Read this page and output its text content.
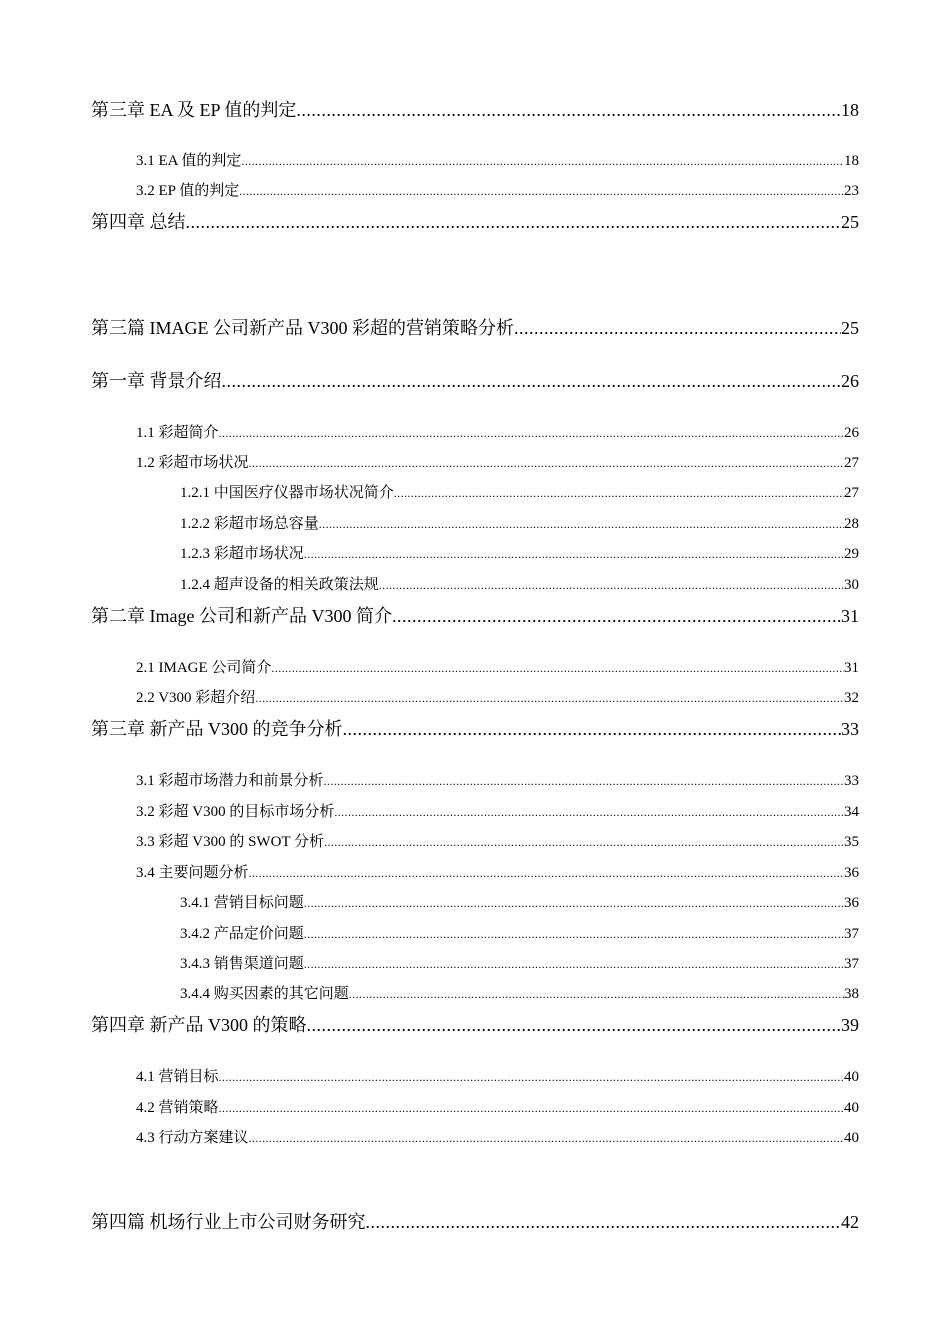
第三章 EA 及 EP 值的判定 .....	18
3.1 EA 值的判定 .....	18
3.2 EP 值的判定 .....	23
第四章 总结 .....	25
第三篇 IMAGE 公司新产品 V300 彩超的营销策略分析 .....	25
第一章 背景介绍 .....	26
1.1 彩超简介 .....	26
1.2 彩超市场状况 .....	27
1.2.1 中国医疗仪器市场状况简介 .....	27
1.2.2 彩超市场总容量 .....	28
1.2.3 彩超市场状况 .....	29
1.2.4 超声设备的相关政策法规 .....	30
第二章 Image 公司和新产品 V300 简介 .....	31
2.1 IMAGE 公司简介 .....	31
2.2 V300 彩超介绍 .....	32
第三章 新产品 V300 的竞争分析 .....	33
3.1 彩超市场潜力和前景分析 .....	33
3.2 彩超 V300 的目标市场分析 .....	34
3.3 彩超 V300 的 SWOT 分析 .....	35
3.4 主要问题分析 .....	36
3.4.1 营销目标问题 .....	36
3.4.2 产品定价问题 .....	37
3.4.3 销售渠道问题 .....	37
3.4.4 购买因素的其它问题 .....	38
第四章 新产品 V300 的策略 .....	39
4.1 营销目标 .....	40
4.2 营销策略 .....	40
4.3 行动方案建议 .....	40
第四篇 机场行业上市公司财务研究 .....	42
